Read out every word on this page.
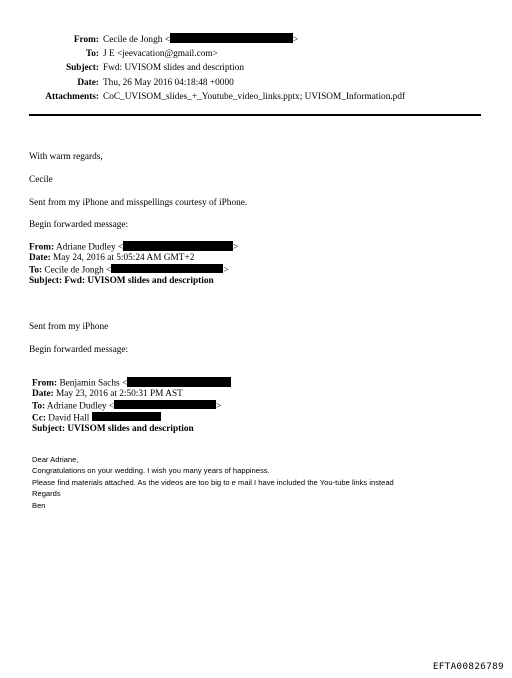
From: Cecile de Jongh <	>
To: J E <jeevacation@gmail.com>
Subject: Fwd: UVISOM slides and description
Date: Thu, 26 May 2016 04:18:48 +0000
Attachments: CoC_UVISOM_slides_+_Youtube_video_links.pptx; UVISOM_Information.pdf
With warm regards,
Cecile
Sent from my iPhone and misspellings courtesy of iPhone.
Begin forwarded message:
From: Adriane Dudley <	>
Date: May 24, 2016 at 5:05:24 AM GMT+2
To: Cecile de Jongh <	>
Subject: Fwd: UVISOM slides and description
Sent from my iPhone
Begin forwarded message:
From: Benjamin Sachs <
Date: May 23, 2016 at 2:50:31 PM AST
To: Adriane Dudley <	>
Cc: David Hall
Subject: UVISOM slides and description
Dear Adriane,
Congratulations on your wedding. I wish you many years of happiness.
Please find materials attached. As the videos are too big to e mail I have included the You-tube links instead
Regards
Ben
EFTA00826789
